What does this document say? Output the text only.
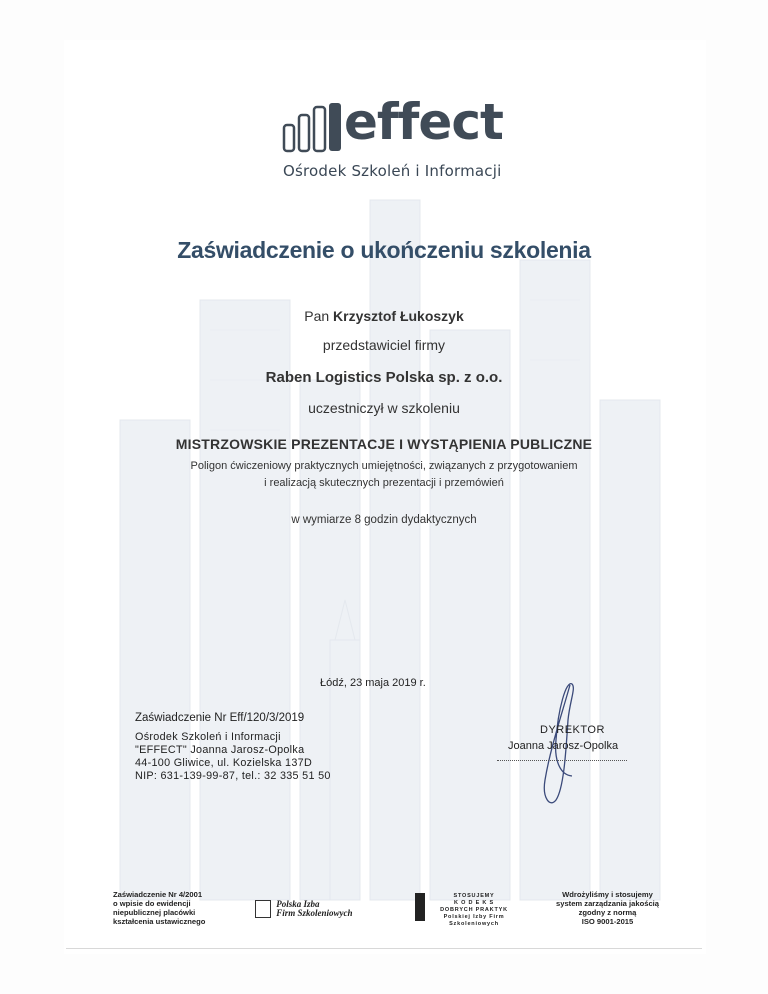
effect
Ośrodek Szkoleń i Informacji
Zaświadczenie o ukończeniu szkolenia
Pan Krzysztof Łukoszyk
przedstawiciel firmy
Raben Logistics Polska sp. z o.o.
uczestniczył w szkoleniu
MISTRZOWSKIE PREZENTACJE I WYSTĄPIENIA PUBLICZNE
Poligon ćwiczeniowy praktycznych umiejętności, związanych z przygotowaniem
i realizacją skutecznych prezentacji i przemówień
w wymiarze 8 godzin dydaktycznych
Łódź, 23 maja 2019 r.
Zaświadczenie Nr Eff/120/3/2019
Ośrodek Szkoleń i Informacji
"EFFECT" Joanna Jarosz-Opolka
44-100 Gliwice, ul. Kozielska 137D
NIP: 631-139-99-87, tel.: 32 335 51 50
DYREKTOR
Joanna Jarosz-Opolka
Zaświadczenie Nr 4/2001
o wpisie do ewidencji
niepublicznej placówki
kształcenia ustawicznego

Polska Izba
Firm Szkoleniowych
STOSUJEMY
K O D E K S
DOBRYCH PRAKTYK
Polskiej Izby Firm Szkoleniowych
Wdrożyliśmy i stosujemy
system zarządzania jakością
zgodny z normą
ISO 9001-2015
